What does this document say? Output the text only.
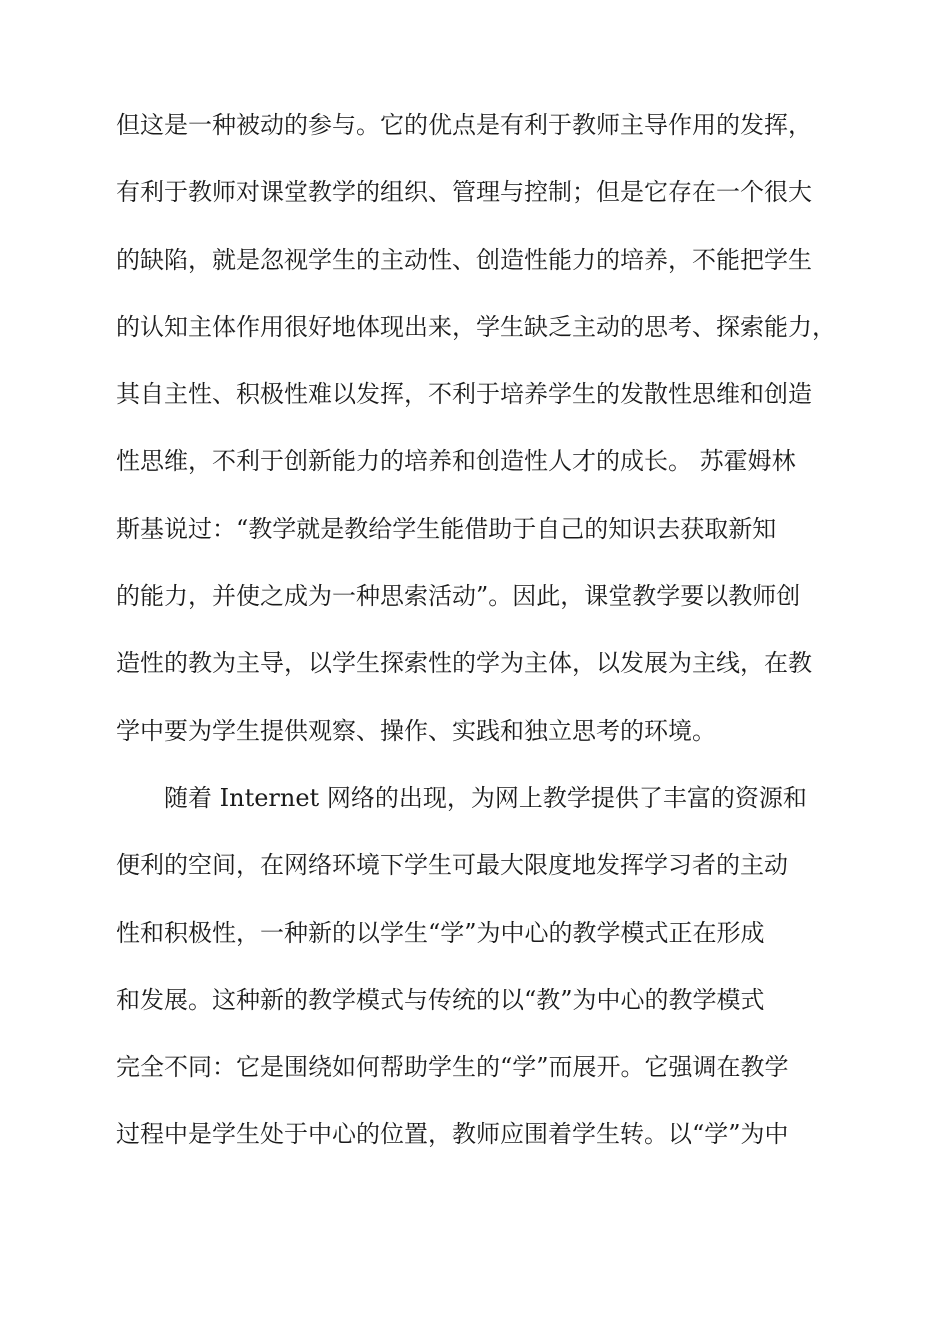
但这是一种被动的参与。它的优点是有利于教师主导作用的发挥，
有利于教师对课堂教学的组织、管理与控制；但是它存在一个很大
的缺陷，就是忽视学生的主动性、创造性能力的培养，不能把学生
的认知主体作用很好地体现出来，学生缺乏主动的思考、探索能力，
其自主性、积极性难以发挥，不利于培养学生的发散性思维和创造
性思维，不利于创新能力的培养和创造性人才的成长。 苏霍姆林
斯基说过：“教学就是教给学生能借助于自己的知识去获取新知
的能力，并使之成为一种思索活动”。因此，课堂教学要以教师创
造性的教为主导，以学生探索性的学为主体，以发展为主线，在教
学中要为学生提供观察、操作、实践和独立思考的环境。
随着 Internet 网络的出现，为网上教学提供了丰富的资源和
便利的空间，在网络环境下学生可最大限度地发挥学习者的主动
性和积极性，一种新的以学生“学”为中心的教学模式正在形成
和发展。这种新的教学模式与传统的以“教”为中心的教学模式
完全不同：它是围绕如何帮助学生的“学”而展开。它强调在教学
过程中是学生处于中心的位置，教师应围着学生转。以“学”为中
